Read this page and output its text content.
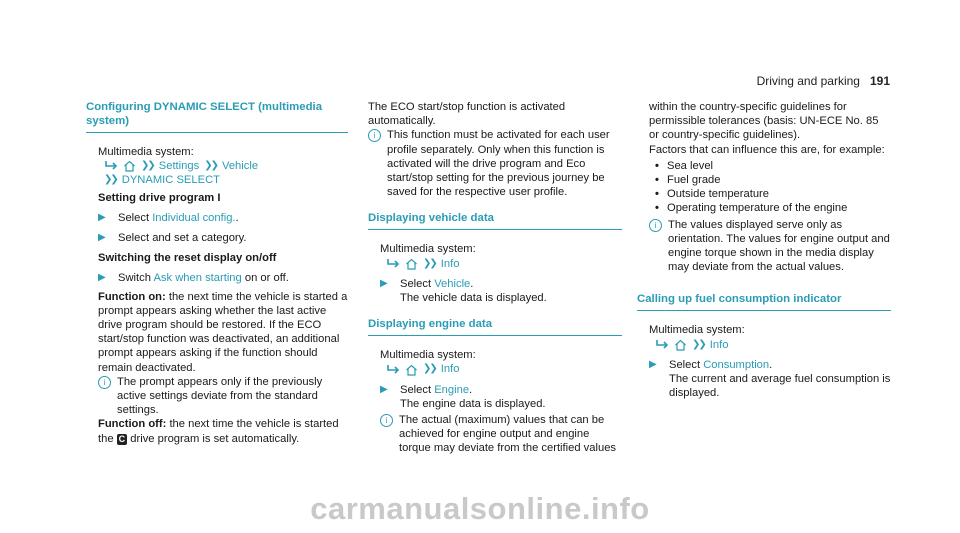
Driving and parking 191
Configuring DYNAMIC SELECT (multimedia system)

Multimedia system:

❯❯ Settings ❯❯ Vehicle
❯❯ DYNAMIC SELECT

Setting drive program I

▶	Select Individual config..
▶	Select and set a category.

Switching the reset display on/off

▶	Switch Ask when starting on or off.

Function on: the next time the vehicle is started a prompt appears asking whether the last active drive program should be restored. If the ECO start/stop function was deactivated, an additional prompt appears asking if the function should remain deactivated.

i	The prompt appears only if the previously active settings deviate from the standard settings.

Function off: the next time the vehicle is started the C drive program is set automatically.

The ECO start/stop function is activated automatically.

i	This function must be activated for each user profile separately. Only when this function is activated will the drive program and Eco start/stop setting for the previous journey be saved for the respective user profile.
Displaying vehicle data

Multimedia system:

❯❯ Info
▶	Select Vehicle.
The vehicle data is displayed.
Displaying engine data

Multimedia system:

❯❯ Info
▶	Select Engine.
The engine data is displayed.
i	The actual (maximum) values that can be achieved for engine output and engine torque may deviate from the certified values

within the country-specific guidelines for permissible tolerances (basis: UN-ECE No. 85 or country-specific guidelines).

Factors that can influence this are, for example:

• Sea level
• Fuel grade
• Outside temperature
• Operating temperature of the engine
i	The values displayed serve only as orientation. The values for engine output and engine torque shown in the media display may deviate from the actual values.
Calling up fuel consumption indicator

Multimedia system:

❯❯ Info
▶	Select Consumption.
The current and average fuel consumption is displayed.
carmanualsonline.info
